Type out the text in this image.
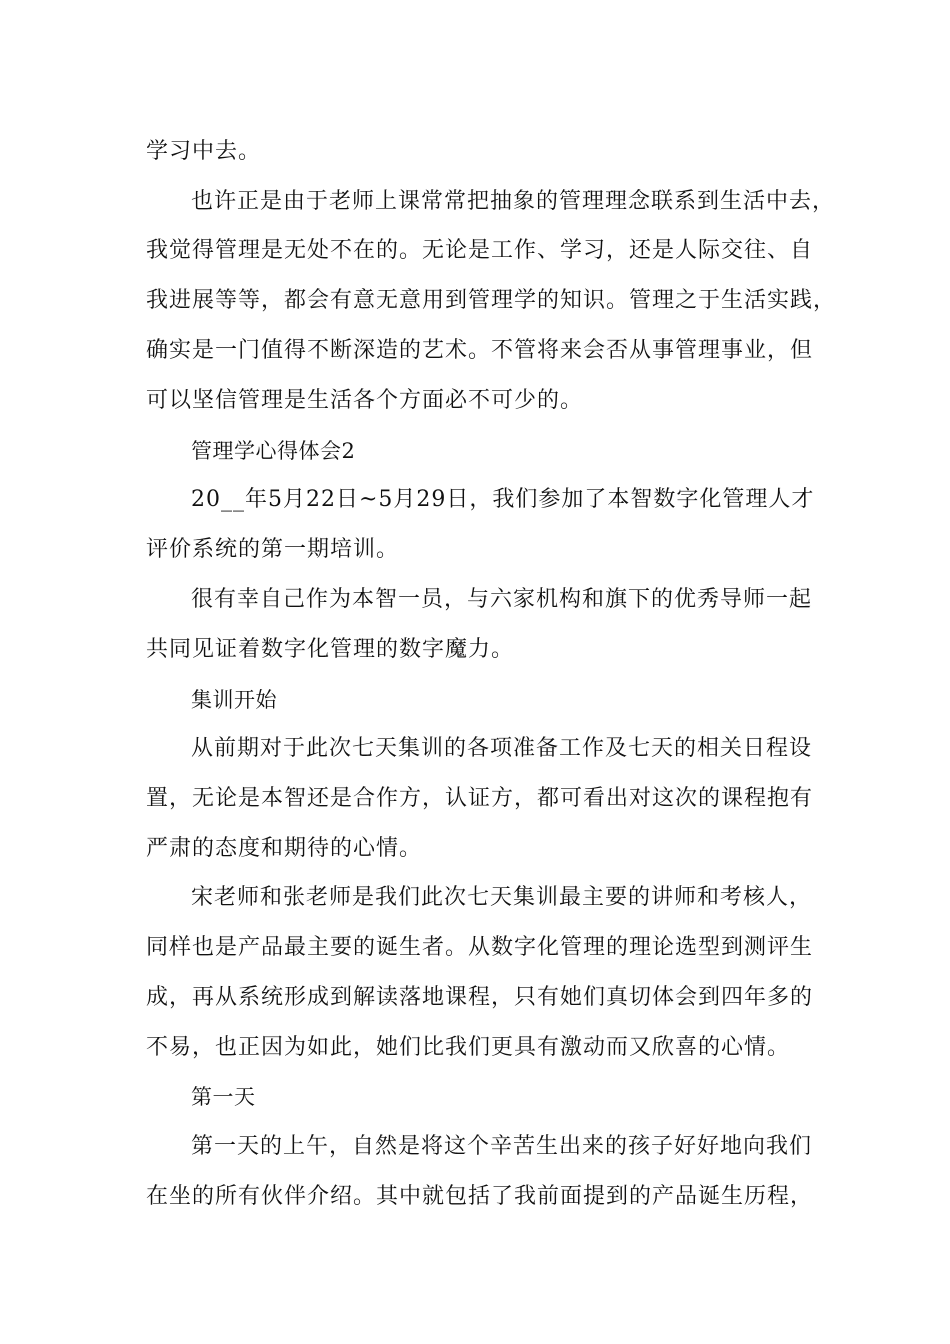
学习中去。
也许正是由于老师上课常常把抽象的管理理念联系到生活中去，
我觉得管理是无处不在的。无论是工作、学习，还是人际交往、自
我进展等等，都会有意无意用到管理学的知识。管理之于生活实践，
确实是一门值得不断深造的艺术。不管将来会否从事管理事业，但
可以坚信管理是生活各个方面必不可少的。
管理学心得体会2
20__年5月22日~5月29日，我们参加了本智数字化管理人才
评价系统的第一期培训。
很有幸自己作为本智一员，与六家机构和旗下的优秀导师一起
共同见证着数字化管理的数字魔力。
集训开始
从前期对于此次七天集训的各项准备工作及七天的相关日程设
置，无论是本智还是合作方，认证方，都可看出对这次的课程抱有
严肃的态度和期待的心情。
宋老师和张老师是我们此次七天集训最主要的讲师和考核人，
同样也是产品最主要的诞生者。从数字化管理的理论选型到测评生
成，再从系统形成到解读落地课程，只有她们真切体会到四年多的
不易，也正因为如此，她们比我们更具有激动而又欣喜的心情。
第一天
第一天的上午，自然是将这个辛苦生出来的孩子好好地向我们
在坐的所有伙伴介绍。其中就包括了我前面提到的产品诞生历程，
